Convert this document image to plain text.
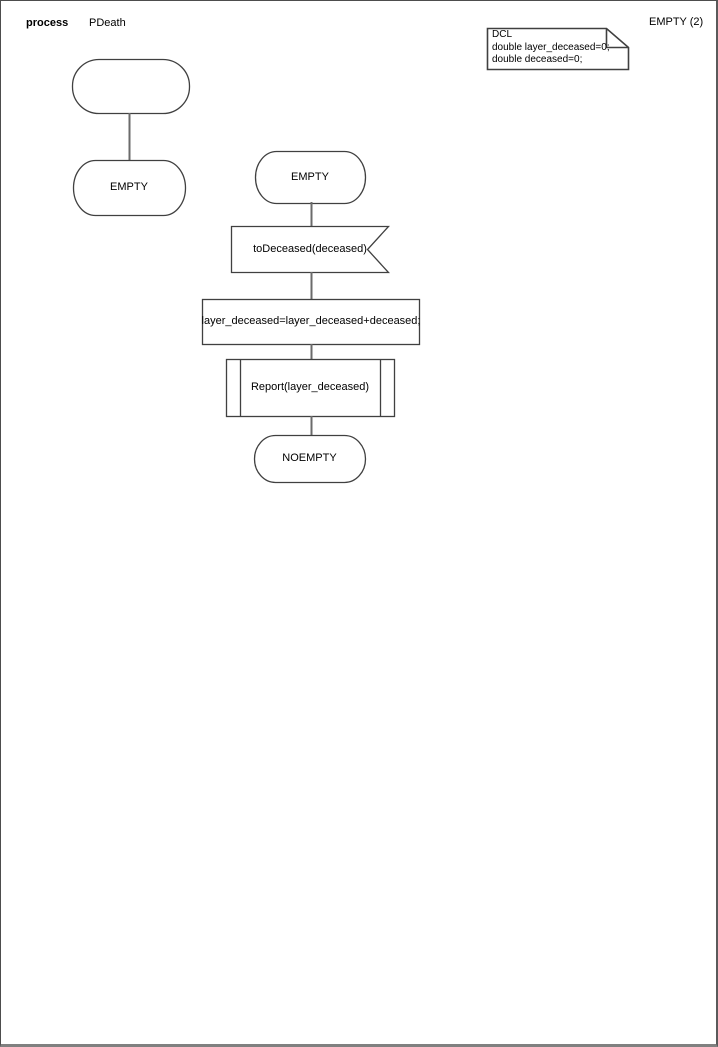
process PDeath	EMPTY (2)
DCL
double layer_deceased=0;
double deceased=0;
EMPTY
EMPTY
toDeceased(deceased)
layer_deceased=layer_deceased+deceased;
Report(layer_deceased)
NOEMPTY
